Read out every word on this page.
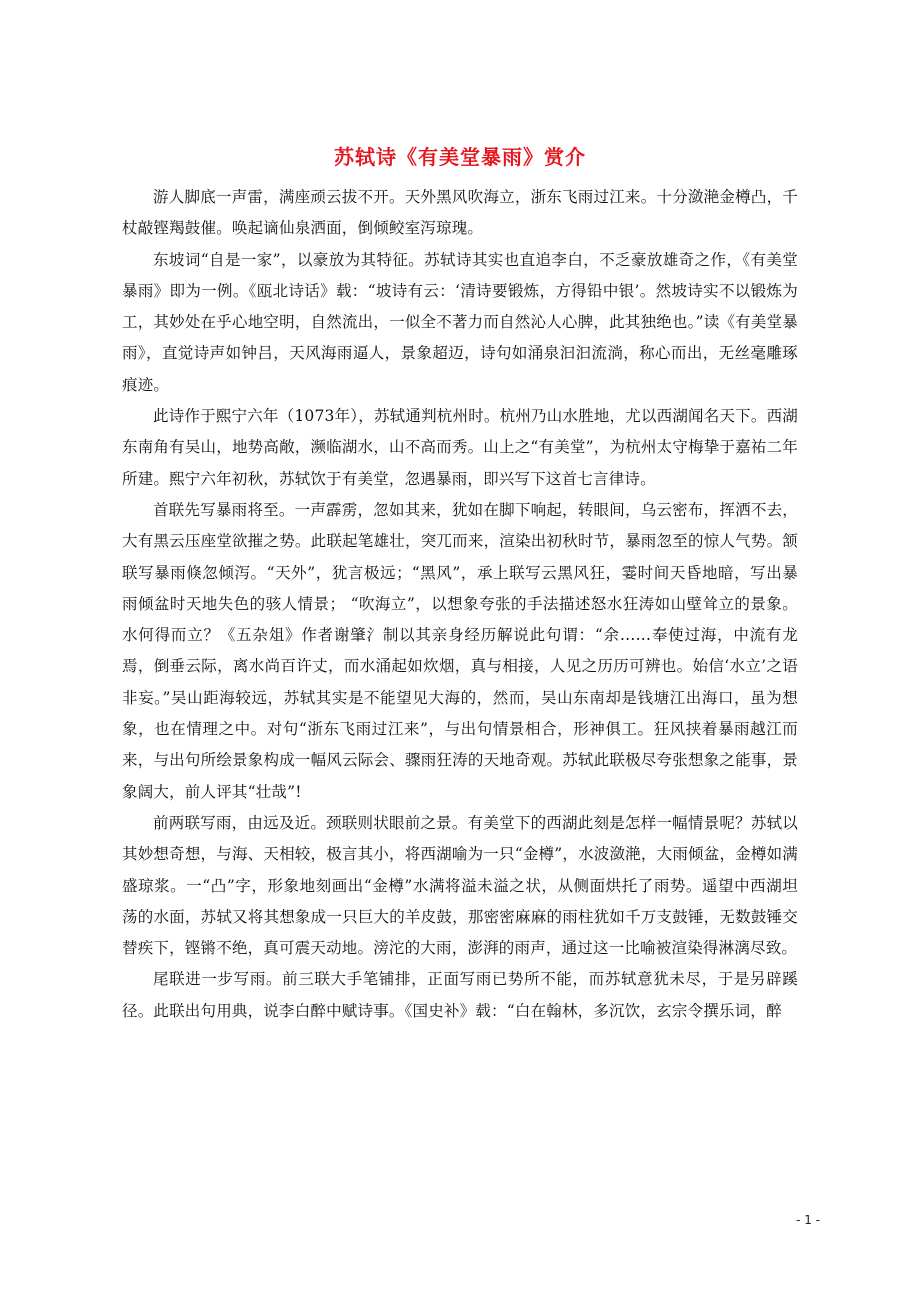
苏轼诗《有美堂暴雨》赏介

游人脚底一声雷，满座顽云拔不开。天外黑风吹海立，浙东飞雨过江来。十分潋滟金樽凸，千杖敲铿羯鼓催。唤起谪仙泉洒面，倒倾鲛室泻琼瑰。

东坡词“自是一家”，以豪放为其特征。苏轼诗其实也直追李白，不乏豪放雄奇之作，《有美堂暴雨》即为一例。《瓯北诗话》载：“坡诗有云：‘清诗要锻炼，方得铅中银’。然坡诗实不以锻炼为工，其妙处在乎心地空明，自然流出，一似全不著力而自然沁人心脾，此其独绝也。”读《有美堂暴雨》，直觉诗声如钟吕，天风海雨逼人，景象超迈，诗句如涌泉汩汩流淌，称心而出，无丝毫雕琢痕迹。

此诗作于熙宁六年（1073年），苏轼通判杭州时。杭州乃山水胜地，尤以西湖闻名天下。西湖东南角有吴山，地势高敞，濒临湖水，山不高而秀。山上之“有美堂”，为杭州太守梅挚于嘉祐二年所建。熙宁六年初秋，苏轼饮于有美堂，忽遇暴雨，即兴写下这首七言律诗。

首联先写暴雨将至。一声霹雳，忽如其来，犹如在脚下响起，转眼间，乌云密布，挥洒不去，大有黑云压座堂欲摧之势。此联起笔雄壮，突兀而来，渲染出初秋时节，暴雨忽至的惊人气势。颔联写暴雨倏忽倾泻。“天外”，犹言极远；“黑风”，承上联写云黑风狂，霎时间天昏地暗，写出暴雨倾盆时天地失色的骇人情景； “吹海立”，以想象夸张的手法描述怒水狂涛如山壁耸立的景象。水何得而立？《五杂俎》作者谢肇氵制以其亲身经历解说此句谓：“余……奉使过海，中流有龙焉，倒垂云际，离水尚百许丈，而水涌起如炊烟，真与相接，人见之历历可辨也。始信‘水立’之语非妄。”吴山距海较远，苏轼其实是不能望见大海的，然而，吴山东南却是钱塘江出海口，虽为想象，也在情理之中。对句“浙东飞雨过江来”，与出句情景相合，形神俱工。狂风挟着暴雨越江而来，与出句所绘景象构成一幅风云际会、骤雨狂涛的天地奇观。苏轼此联极尽夸张想象之能事，景象阔大，前人评其“壮哉”!

前两联写雨，由远及近。颈联则状眼前之景。有美堂下的西湖此刻是怎样一幅情景呢？苏轼以其妙想奇想，与海、天相较，极言其小，将西湖喻为一只“金樽”，水波潋滟，大雨倾盆，金樽如满盛琼浆。一“凸”字，形象地刻画出“金樽”水满将溢未溢之状，从侧面烘托了雨势。遥望中西湖坦荡的水面，苏轼又将其想象成一只巨大的羊皮鼓，那密密麻麻的雨柱犹如千万支鼓锤，无数鼓锤交替疾下，铿锵不绝，真可震天动地。滂沱的大雨，澎湃的雨声，通过这一比喻被渲染得淋漓尽致。

尾联进一步写雨。前三联大手笔铺排，正面写雨已势所不能，而苏轼意犹未尽，于是另辟蹊径。此联出句用典，说李白醉中赋诗事。《国史补》载：“白在翰林，多沉饮，玄宗令撰乐词，醉

- 1 -
